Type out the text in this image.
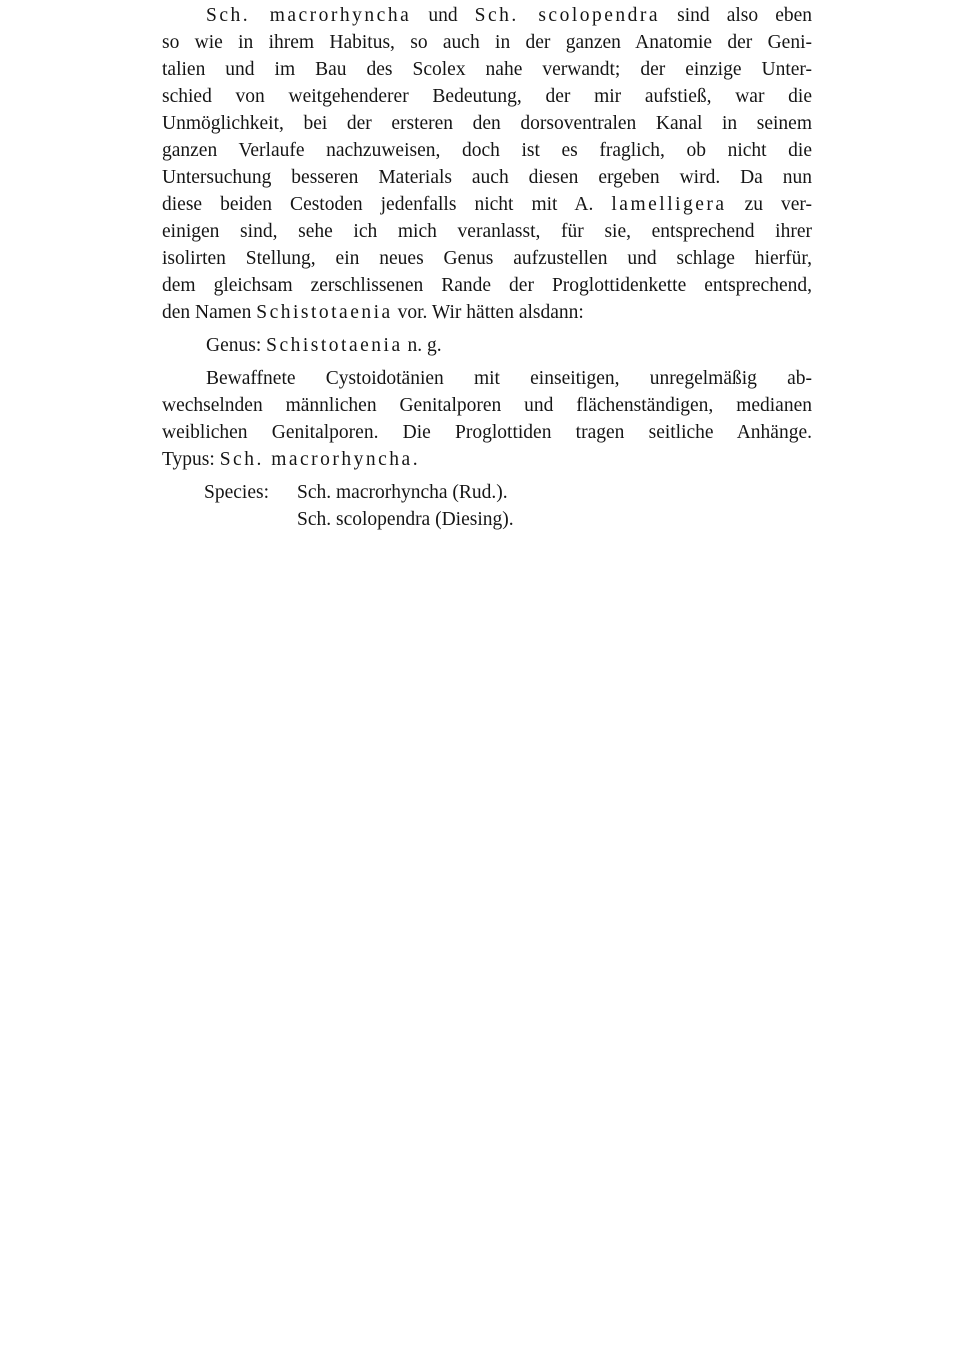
Sch. macrorhyncha und Sch. scolopendra sind also eben
so wie in ihrem Habitus, so auch in der ganzen Anatomie der Geni-
talien und im Bau des Scolex nahe verwandt; der einzige Unter-
schied von weitgehenderer Bedeutung, der mir aufstieß, war die
Unmöglichkeit, bei der ersteren den dorsoventralen Kanal in seinem
ganzen Verlaufe nachzuweisen, doch ist es fraglich, ob nicht die
Untersuchung besseren Materials auch diesen ergeben wird. Da nun
diese beiden Cestoden jedenfalls nicht mit A. lamelligera zu ver-
einigen sind, sehe ich mich veranlasst, für sie, entsprechend ihrer
isolirten Stellung, ein neues Genus aufzustellen und schlage hierfür,
dem gleichsam zerschlissenen Rande der Proglottidenkette entsprechend,
den Namen Schistotaenia vor. Wir hätten alsdann:
Genus: Schistotaenia n. g.
Bewaffnete Cystoidotänien mit einseitigen, unregelmäßig ab-
wechselnden männlichen Genitalporen und flächenständigen, medianen
weiblichen Genitalporen. Die Proglottiden tragen seitliche Anhänge.
Typus: Sch. macrorhyncha.
Species:	Sch. macrorhyncha (Rud.).
Sch. scolopendra (Diesing).
